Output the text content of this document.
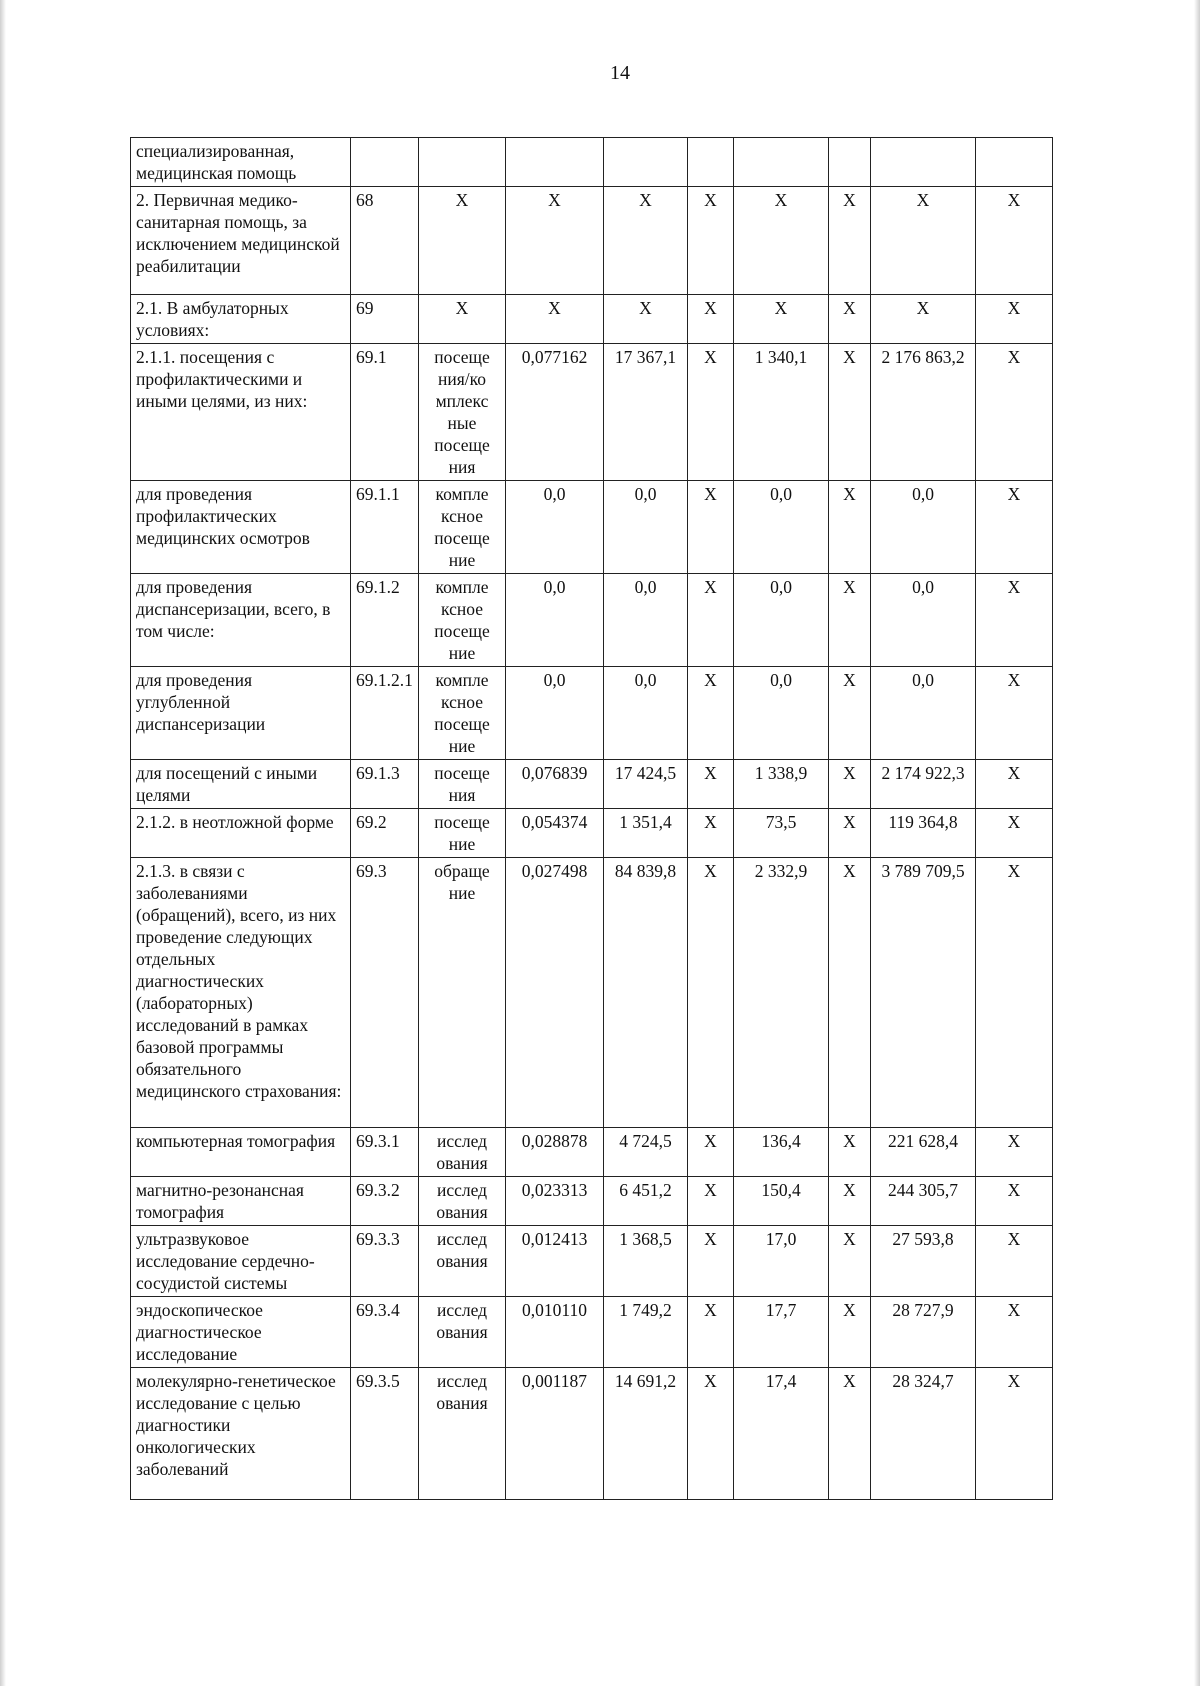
14
специализированная, медицинская помощь									
2. Первичная медико-санитарная помощь, за исключением медицинской реабилитации	68	Х	Х	Х	Х	Х	Х	Х	Х
2.1. В амбулаторных условиях:	69	Х	Х	Х	Х	Х	Х	Х	Х
2.1.1. посещения с профилактическими и иными целями, из них:	69.1	посеще ния/ко мплекс ные посеще ния	0,077162	17 367,1	Х	1 340,1	Х	2 176 863,2	Х
для проведения профилактических медицинских осмотров	69.1.1	компле ксное посеще ние	0,0	0,0	Х	0,0	Х	0,0	Х
для проведения диспансеризации, всего, в том числе:	69.1.2	компле ксное посеще ние	0,0	0,0	Х	0,0	Х	0,0	Х
для проведения углубленной диспансеризации	69.1.2.1	компле ксное посеще ние	0,0	0,0	Х	0,0	Х	0,0	Х
для посещений с иными целями	69.1.3	посеще ния	0,076839	17 424,5	Х	1 338,9	Х	2 174 922,3	Х
2.1.2. в неотложной форме	69.2	посеще ние	0,054374	1 351,4	Х	73,5	Х	119 364,8	Х
2.1.3. в связи с заболеваниями (обращений), всего, из них проведение следующих отдельных диагностических (лабораторных) исследований в рамках базовой программы обязательного медицинского страхования:	69.3	обраще ние	0,027498	84 839,8	Х	2 332,9	Х	3 789 709,5	Х
компьютерная томография	69.3.1	исслед ования	0,028878	4 724,5	Х	136,4	Х	221 628,4	Х
магнитно-резонансная томография	69.3.2	исслед ования	0,023313	6 451,2	Х	150,4	Х	244 305,7	Х
ультразвуковое исследование сердечно-сосудистой системы	69.3.3	исслед ования	0,012413	1 368,5	Х	17,0	Х	27 593,8	Х
эндоскопическое диагностическое исследование	69.3.4	исслед ования	0,010110	1 749,2	Х	17,7	Х	28 727,9	Х
молекулярно-генетическое исследование с целью диагностики онкологических заболеваний	69.3.5	исслед ования	0,001187	14 691,2	Х	17,4	Х	28 324,7	Х
